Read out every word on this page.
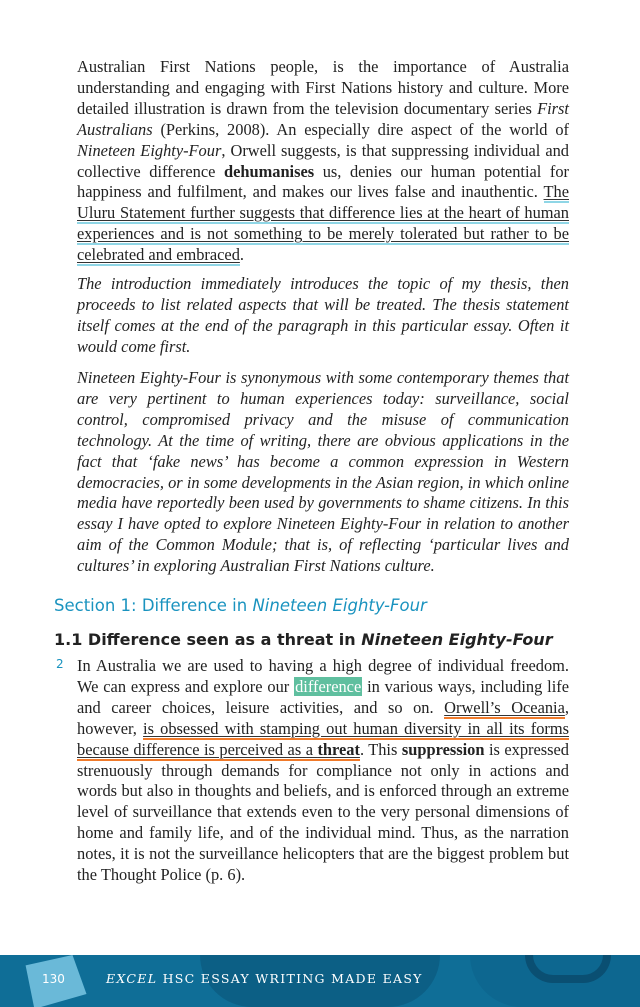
Australian First Nations people, is the importance of Australia understanding and engaging with First Nations history and culture. More detailed illustration is drawn from the television documentary series First Australians (Perkins, 2008). An especially dire aspect of the world of Nineteen Eighty-Four, Orwell suggests, is that suppressing individual and collective difference dehumanises us, denies our human potential for happiness and fulfilment, and makes our lives false and inauthentic. The Uluru Statement further suggests that difference lies at the heart of human experiences and is not something to be merely tolerated but rather to be celebrated and embraced.
The introduction immediately introduces the topic of my thesis, then proceeds to list related aspects that will be treated. The thesis statement itself comes at the end of the paragraph in this particular essay. Often it would come first.
Nineteen Eighty-Four is synonymous with some contemporary themes that are very pertinent to human experiences today: surveillance, social control, compromised privacy and the misuse of communication technology. At the time of writing, there are obvious applications in the fact that ‘fake news’ has become a common expression in Western democracies, or in some developments in the Asian region, in which online media have reportedly been used by governments to shame citizens. In this essay I have opted to explore Nineteen Eighty-Four in relation to another aim of the Common Module; that is, of reflecting ‘particular lives and cultures’ in exploring Australian First Nations culture.
Section 1: Difference in Nineteen Eighty-Four
1.1 Difference seen as a threat in Nineteen Eighty-Four
2 In Australia we are used to having a high degree of individual freedom. We can express and explore our difference in various ways, including life and career choices, leisure activities, and so on. Orwell’s Oceania, however, is obsessed with stamping out human diversity in all its forms because difference is perceived as a threat. This suppression is expressed strenuously through demands for compliance not only in actions and words but also in thoughts and beliefs, and is enforced through an extreme level of surveillance that extends even to the very personal dimensions of home and family life, and of the individual mind. Thus, as the narration notes, it is not the surveillance helicopters that are the biggest problem but the Thought Police (p. 6).
130	EXCEL HSC ESSAY WRITING MADE EASY
